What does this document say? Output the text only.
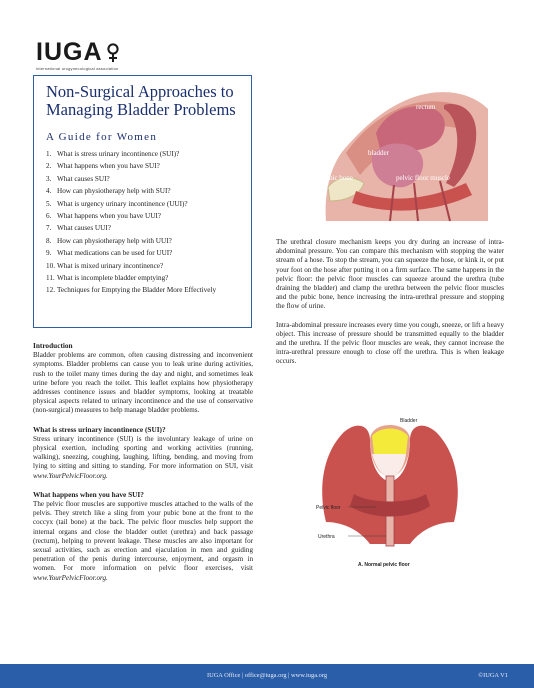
IUGA
international urogynecological association
Non-Surgical Approaches to Managing Bladder Problems
A Guide for Women
1. What is stress urinary incontinence (SUI)?
2. What happens when you have SUI?
3. What causes SUI?
4. How can physiotherapy help with SUI?
5. What is urgency urinary incontinence (UUI)?
6. What happens when you have UUI?
7. What causes UUI?
8. How can physiotherapy help with UUI?
9. What medications can be used for UUI?
10. What is mixed urinary incontinence?
11. What is incomplete bladder emptying?
12. Techniques for Emptying the Bladder More Effectively
Introduction

Bladder problems are common, often causing distressing and inconvenient symptoms. Bladder problems can cause you to leak urine during activities, rush to the toilet many times during the day and night, and sometimes leak urine before you reach the toilet. This leaflet explains how physiotherapy addresses continence issues and bladder symptoms, looking at treatable physical aspects related to urinary incontinence and the use of conservative (non-surgical) measures to help manage bladder problems.

What is stress urinary incontinence (SUI)?

Stress urinary incontinence (SUI) is the involuntary leakage of urine on physical exertion, including sporting and working activities (running, walking), sneezing, coughing, laughing, lifting, bending, and moving from lying to sitting and sitting to standing. For more information on SUI, visit www.YourPelvicFloor.org.

What happens when you have SUI?

The pelvic floor muscles are supportive muscles attached to the walls of the pelvis. They stretch like a sling from your pubic bone at the front to the coccyx (tail bone) at the back. The pelvic floor muscles help support the internal organs and close the bladder outlet (urethra) and back passage (rectum), helping to prevent leakage. These muscles are also important for sexual activities, such as erection and ejaculation in men and guiding penetration of the penis during intercourse, enjoyment, and orgasm in women. For more information on pelvic floor exercises, visit www.YourPelvicFloor.org.

uterus	rectum
bladder
pubic bone	pelvic floor muscle

The urethral closure mechanism keeps you dry during an increase of intra-abdominal pressure. You can compare this mechanism with stopping the water stream of a hose. To stop the stream, you can squeeze the hose, or kink it, or put your foot on the hose after putting it on a firm surface. The same happens in the pelvic floor: the pelvic floor muscles can squeeze around the urethra (tube draining the bladder) and clamp the urethra between the pelvic floor muscles and the pubic bone, hence increasing the intra-urethral pressure and stopping the flow of urine.

Intra-abdominal pressure increases every time you cough, sneeze, or lift a heavy object. This increase of pressure should be transmitted equally to the bladder and the urethra. If the pelvic floor muscles are weak, they cannot increase the intra-urethral pressure enough to close off the urethra. This is when leakage occurs.

Bladder
Pelvic floor
Urethra
A. Normal pelvic floor
IUGA Office | office@iuga.org | www.iuga.org	©IUGA V1
